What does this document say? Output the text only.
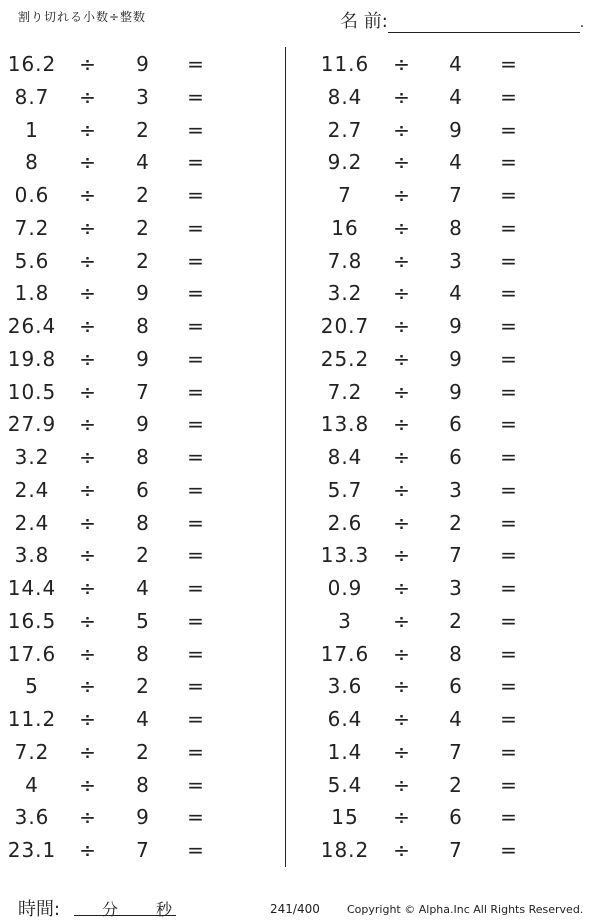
割り切れる小数÷整数	名 前:	.
16.2 ÷ 9 =
8.7	÷ 3 =
1	÷ 2 =
8	÷ 4 =
0.6	÷ 2 =
7.2	÷ 2 =
5.6	÷ 2 =
1.8	÷ 9 =
26.4 ÷ 8 =
19.8 ÷ 9 =
10.5 ÷ 7 =
27.9 ÷ 9 =
3.2	÷ 8 =
2.4	÷ 6 =
2.4	÷ 8 =
3.8	÷ 2 =
14.4 ÷ 4 =
16.5 ÷ 5 =
17.6 ÷ 8 =
5	÷ 2 =
11.2 ÷ 4 =
7.2	÷ 2 =
4	÷ 8 =
3.6	÷ 9 =
23.1 ÷ 7 =
11.6 ÷ 4 =
8.4	÷ 4 =
2.7	÷ 9 =
9.2	÷ 4 =
7	÷ 7 =
16	÷ 8 =
7.8	÷ 3 =
3.2	÷ 4 =
20.7 ÷ 9 =
25.2 ÷ 9 =
7.2	÷ 9 =
13.8 ÷ 6 =
8.4	÷ 6 =
5.7	÷ 3 =
2.6	÷ 2 =
13.3 ÷ 7 =
0.9	÷ 3 =
3	÷ 2 =
17.6 ÷ 8 =
3.6	÷ 6 =
6.4	÷ 4 =
1.4	÷ 7 =
5.4	÷ 2 =
15	÷ 6 =
18.2 ÷ 7 =
時間:	分 秒	241/400 Copyright © Alpha.Inc All Rights Reserved.
